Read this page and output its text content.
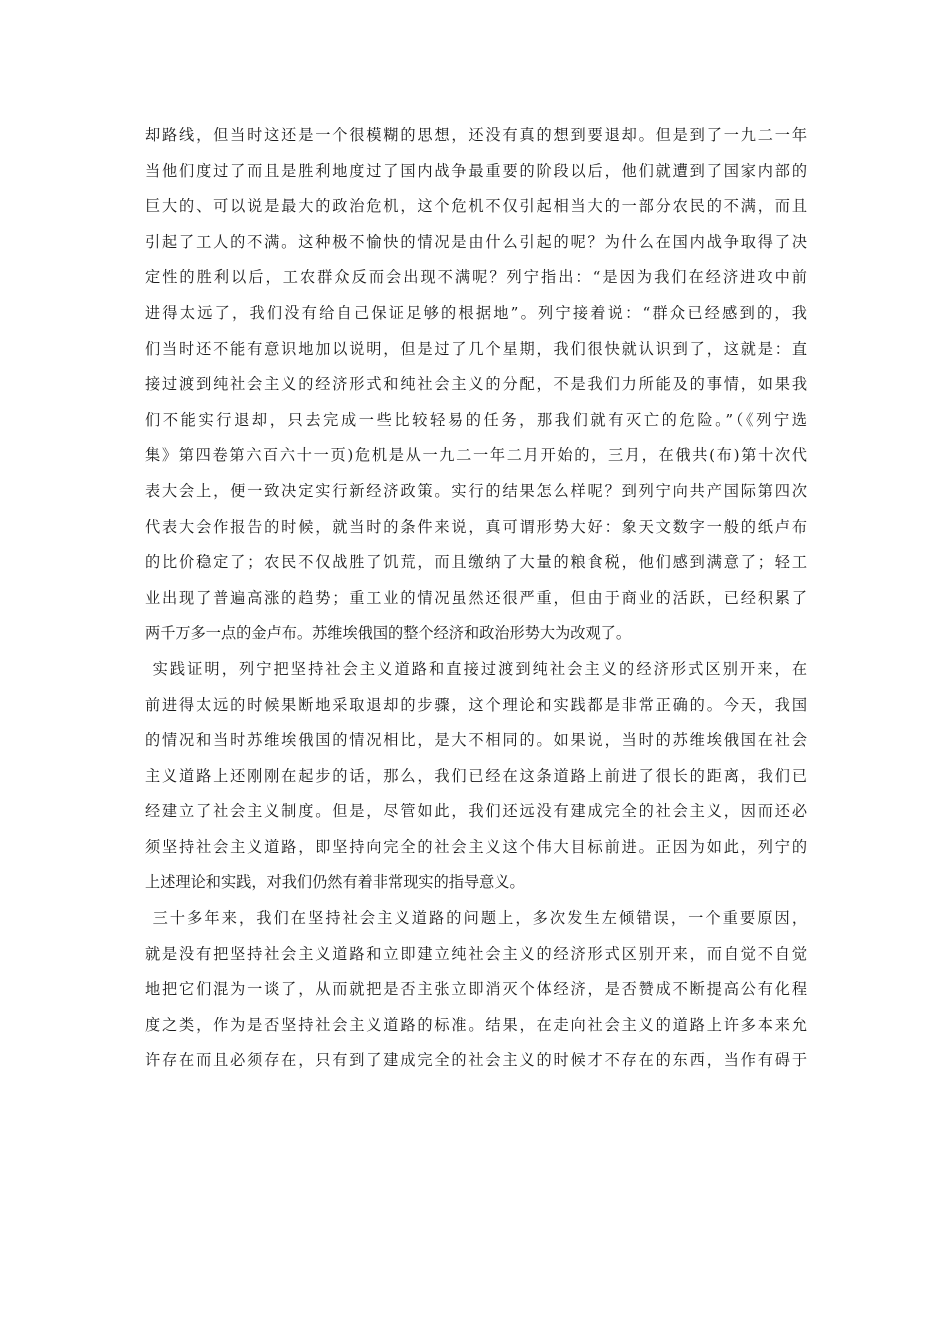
却路线，但当时这还是一个很模糊的思想，还没有真的想到要退却。但是到了一九二一年
当他们度过了而且是胜利地度过了国内战争最重要的阶段以后，他们就遭到了国家内部的
巨大的、可以说是最大的政治危机，这个危机不仅引起相当大的一部分农民的不满，而且
引起了工人的不满。这种极不愉快的情况是由什么引起的呢？为什么在国内战争取得了决
定性的胜利以后，工农群众反而会出现不满呢？列宁指出：“是因为我们在经济进攻中前
进得太远了，我们没有给自己保证足够的根据地”。列宁接着说：“群众已经感到的，我
们当时还不能有意识地加以说明，但是过了几个星期，我们很快就认识到了，这就是：直
接过渡到纯社会主义的经济形式和纯社会主义的分配，不是我们力所能及的事情，如果我
们不能实行退却，只去完成一些比较轻易的任务，那我们就有灭亡的危险。”（《列宁选
集》第四卷第六百六十一页)危机是从一九二一年二月开始的，三月，在俄共(布)第十次代
表大会上，便一致决定实行新经济政策。实行的结果怎么样呢？到列宁向共产国际第四次
代表大会作报告的时候，就当时的条件来说，真可谓形势大好：象天文数字一般的纸卢布
的比价稳定了；农民不仅战胜了饥荒，而且缴纳了大量的粮食税，他们感到满意了；轻工
业出现了普遍高涨的趋势；重工业的情况虽然还很严重，但由于商业的活跃，已经积累了
两千万多一点的金卢布。苏维埃俄国的整个经济和政治形势大为改观了。
实践证明，列宁把坚持社会主义道路和直接过渡到纯社会主义的经济形式区别开来，在
前进得太远的时候果断地采取退却的步骤，这个理论和实践都是非常正确的。今天，我国
的情况和当时苏维埃俄国的情况相比，是大不相同的。如果说，当时的苏维埃俄国在社会
主义道路上还刚刚在起步的话，那么，我们已经在这条道路上前进了很长的距离，我们已
经建立了社会主义制度。但是，尽管如此，我们还远没有建成完全的社会主义，因而还必
须坚持社会主义道路，即坚持向完全的社会主义这个伟大目标前进。正因为如此，列宁的
上述理论和实践，对我们仍然有着非常现实的指导意义。
三十多年来，我们在坚持社会主义道路的问题上，多次发生左倾错误，一个重要原因，
就是没有把坚持社会主义道路和立即建立纯社会主义的经济形式区别开来，而自觉不自觉
地把它们混为一谈了，从而就把是否主张立即消灭个体经济，是否赞成不断提高公有化程
度之类，作为是否坚持社会主义道路的标准。结果，在走向社会主义的道路上许多本来允
许存在而且必须存在，只有到了建成完全的社会主义的时候才不存在的东西，当作有碍于
